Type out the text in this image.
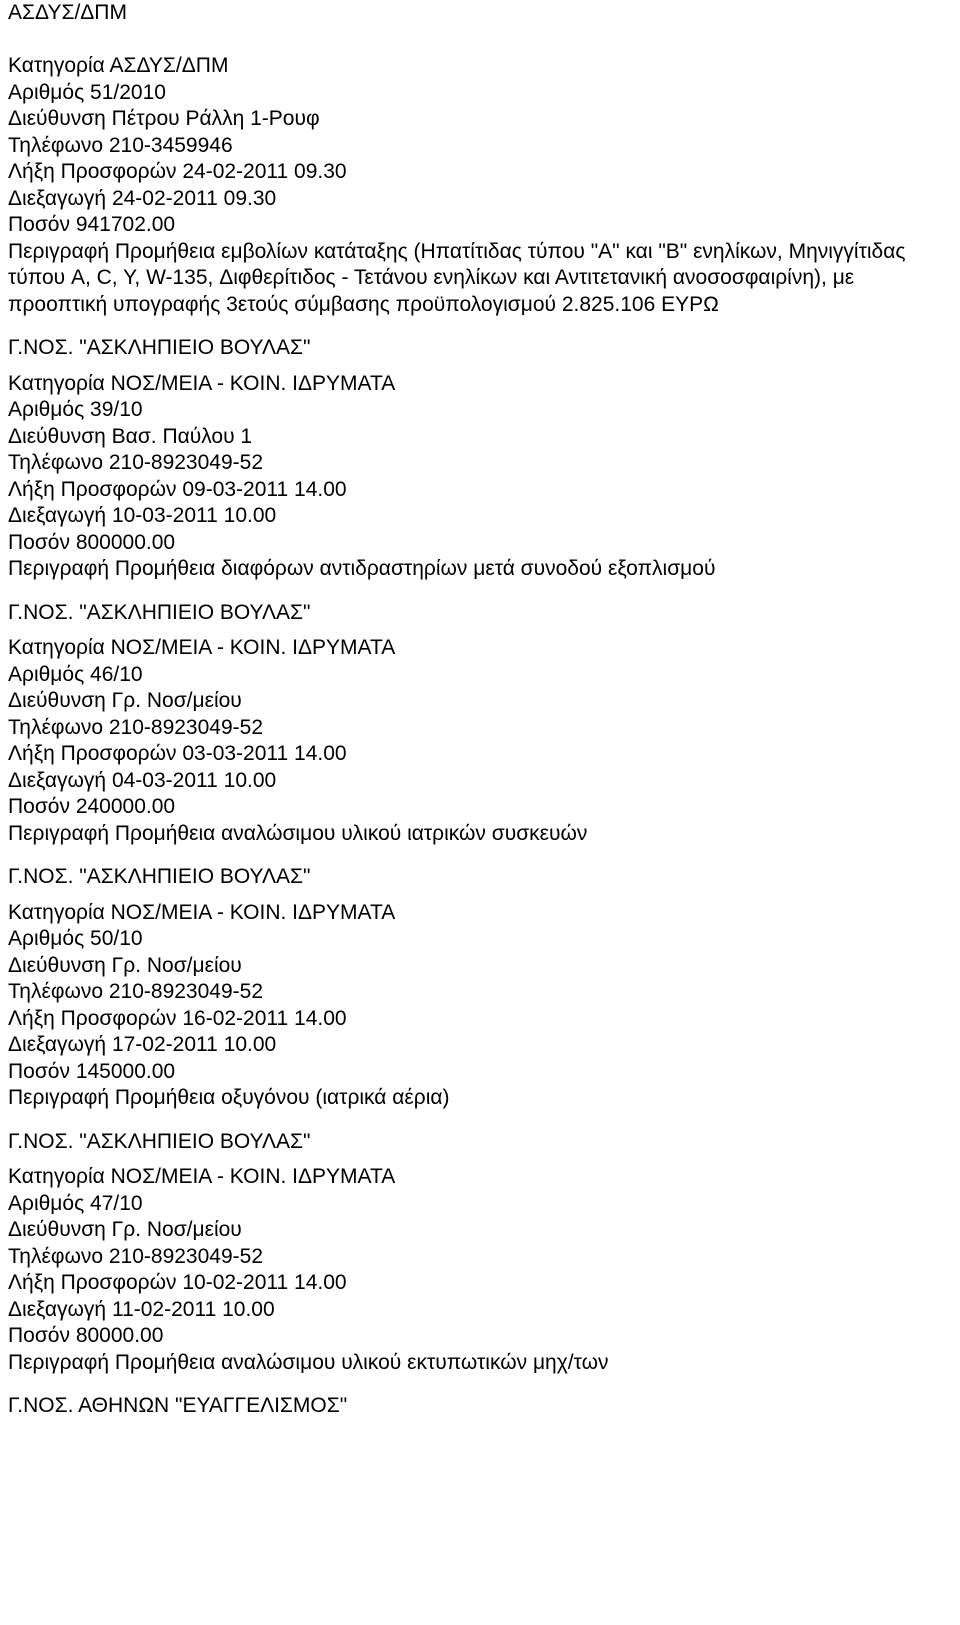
ΑΣΔΥΣ/ΔΠΜ
Κατηγορία ΑΣΔΥΣ/ΔΠΜ
Αριθμός 51/2010
Διεύθυνση Πέτρου Ράλλη 1-Ρουφ
Τηλέφωνο 210-3459946
Λήξη Προσφορών 24-02-2011 09.30
Διεξαγωγή 24-02-2011 09.30
Ποσόν 941702.00
Περιγραφή Προμήθεια εμβολίων κατάταξης (Ηπατίτιδας τύπου "Α" και "Β" ενηλίκων, Μηνιγγίτιδας τύπου A, C, Y, W-135, Διφθερίτιδος - Τετάνου ενηλίκων και Αντιτετανική ανοσοσφαιρίνη), με προοπτική υπογραφής 3ετούς σύμβασης προϋπολογισμού 2.825.106 ΕΥΡΩ
Γ.ΝΟΣ. "ΑΣΚΛΗΠΙΕΙΟ ΒΟΥΛΑΣ"
Κατηγορία ΝΟΣ/ΜΕΙΑ - ΚΟΙΝ. ΙΔΡΥΜΑΤΑ
Αριθμός 39/10
Διεύθυνση Βασ. Παύλου 1
Τηλέφωνο 210-8923049-52
Λήξη Προσφορών 09-03-2011 14.00
Διεξαγωγή 10-03-2011 10.00
Ποσόν 800000.00
Περιγραφή Προμήθεια διαφόρων αντιδραστηρίων μετά συνοδού εξοπλισμού
Γ.ΝΟΣ. "ΑΣΚΛΗΠΙΕΙΟ ΒΟΥΛΑΣ"
Κατηγορία ΝΟΣ/ΜΕΙΑ - ΚΟΙΝ. ΙΔΡΥΜΑΤΑ
Αριθμός 46/10
Διεύθυνση Γρ. Νοσ/μείου
Τηλέφωνο 210-8923049-52
Λήξη Προσφορών 03-03-2011 14.00
Διεξαγωγή 04-03-2011 10.00
Ποσόν 240000.00
Περιγραφή Προμήθεια αναλώσιμου υλικού ιατρικών συσκευών
Γ.ΝΟΣ. "ΑΣΚΛΗΠΙΕΙΟ ΒΟΥΛΑΣ"
Κατηγορία ΝΟΣ/ΜΕΙΑ - ΚΟΙΝ. ΙΔΡΥΜΑΤΑ
Αριθμός 50/10
Διεύθυνση Γρ. Νοσ/μείου
Τηλέφωνο 210-8923049-52
Λήξη Προσφορών 16-02-2011 14.00
Διεξαγωγή 17-02-2011 10.00
Ποσόν 145000.00
Περιγραφή Προμήθεια οξυγόνου (ιατρικά αέρια)
Γ.ΝΟΣ. "ΑΣΚΛΗΠΙΕΙΟ ΒΟΥΛΑΣ"
Κατηγορία ΝΟΣ/ΜΕΙΑ - ΚΟΙΝ. ΙΔΡΥΜΑΤΑ
Αριθμός 47/10
Διεύθυνση Γρ. Νοσ/μείου
Τηλέφωνο 210-8923049-52
Λήξη Προσφορών 10-02-2011 14.00
Διεξαγωγή 11-02-2011 10.00
Ποσόν 80000.00
Περιγραφή Προμήθεια αναλώσιμου υλικού εκτυπωτικών μηχ/των
Γ.ΝΟΣ. ΑΘΗΝΩΝ "ΕΥΑΓΓΕΛΙΣΜΟΣ"
